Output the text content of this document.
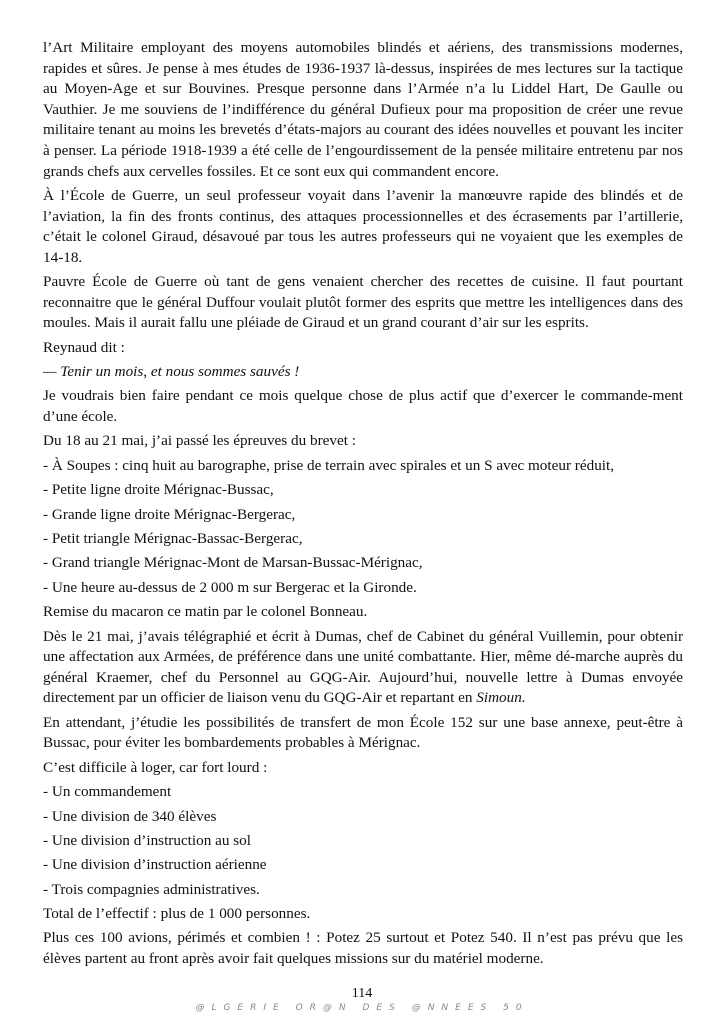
l’Art Militaire employant des moyens automobiles blindés et aériens, des transmissions modernes, rapides et sûres. Je pense à mes études de 1936-1937 là-dessus, inspirées de mes lectures sur la tactique au Moyen-Age et sur Bouvines. Presque personne dans l’Armée n’a lu Liddel Hart, De Gaulle ou Vauthier. Je me souviens de l’indifférence du général Dufieux pour ma proposition de créer une revue militaire tenant au moins les brevetés d’états-majors au courant des idées nouvelles et pouvant les inciter à penser. La période 1918-1939 a été celle de l’engourdissement de la pensée militaire entretenu par nos grands chefs aux cervelles fossiles. Et ce sont eux qui commandent encore.

À l’École de Guerre, un seul professeur voyait dans l’avenir la manœuvre rapide des blindés et de l’aviation, la fin des fronts continus, des attaques processionnelles et des écrasements par l’artillerie, c’était le colonel Giraud, désavoué par tous les autres professeurs qui ne voyaient que les exemples de 14-18.

Pauvre École de Guerre où tant de gens venaient chercher des recettes de cuisine. Il faut pourtant reconnaitre que le général Duffour voulait plutôt former des esprits que mettre les intelligences dans des moules. Mais il aurait fallu une pléiade de Giraud et un grand courant d’air sur les esprits.

Reynaud dit :

— Tenir un mois, et nous sommes sauvés !

Je voudrais bien faire pendant ce mois quelque chose de plus actif que d’exercer le commande-ment d’une école.

Du 18 au 21 mai, j’ai passé les épreuves du brevet :

- À Soupes : cinq huit au barographe, prise de terrain avec spirales et un S avec moteur réduit,

- Petite ligne droite Mérignac-Bussac,

- Grande ligne droite Mérignac-Bergerac,

- Petit triangle Mérignac-Bassac-Bergerac,

- Grand triangle Mérignac-Mont de Marsan-Bussac-Mérignac,

- Une heure au-dessus de 2 000 m sur Bergerac et la Gironde.

Remise du macaron ce matin par le colonel Bonneau.

Dès le 21 mai, j’avais télégraphié et écrit à Dumas, chef de Cabinet du général Vuillemin, pour obtenir une affectation aux Armées, de préférence dans une unité combattante. Hier, même dé-marche auprès du général Kraemer, chef du Personnel au GQG-Air. Aujourd’hui, nouvelle lettre à Dumas envoyée directement par un officier de liaison venu du GQG-Air et repartant en Simoun.

En attendant, j’étudie les possibilités de transfert de mon École 152 sur une base annexe, peut-être à Bussac, pour éviter les bombardements probables à Mérignac.

C’est difficile à loger, car fort lourd :

- Un commandement

- Une division de 340 élèves

- Une division d’instruction au sol

- Une division d’instruction aérienne

- Trois compagnies administratives.

Total de l’effectif : plus de 1 000 personnes.

Plus ces 100 avions, périmés et combien ! : Potez 25 surtout et Potez 540. Il n’est pas prévu que les élèves partent au front après avoir fait quelques missions sur du matériel moderne.

114
@LGERIE OR@N DES @NNEES 50
